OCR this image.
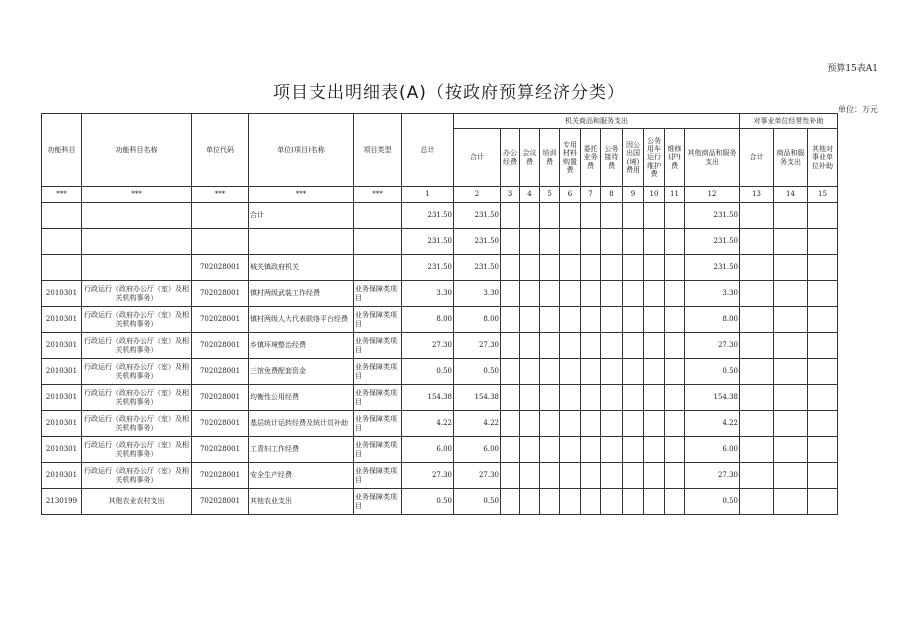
预算15表A1
项目支出明细表(A)（按政府预算经济分类）
单位：万元
功能科目	功能科目名称	单位代码	单位(项目)名称	项目类型	总计	机关商品和服务支出											对事业单位经常性补助		
						合计	办公经费	会议费	培训费	专用材料购置费	委托业务费	公务接待费	因公出国(境)费用	公务用车运行维护费	维修(护)费	其他商品和服务支出	合计	商品和服务支出	其他对事业单位补助
***	***	***	***	***	1	2	3	4	5	6	7	8	9	10	11	12	13	14	15
			合计		231.50	231.50										231.50			
					231.50	231.50										231.50			
		702028001	城关镇政府机关		231.50	231.50										231.50			
2010301	行政运行（政府办公厅（室）及相关机构事务）	702028001	镇村两级武装工作经费	业务保障类项目	3.30	3.30										3.30			
2010301	行政运行（政府办公厅（室）及相关机构事务）	702028001	镇村两级人大代表联络平台经费	业务保障类项目	8.00	8.00										8.00			
2010301	行政运行（政府办公厅（室）及相关机构事务）	702028001	乡镇环境整治经费	业务保障类项目	27.30	27.30										27.30			
2010301	行政运行（政府办公厅（室）及相关机构事务）	702028001	三馆免费配套资金	业务保障类项目	0.50	0.50										0.50			
2010301	行政运行（政府办公厅（室）及相关机构事务）	702028001	均衡性公用经费	业务保障类项目	154.38	154.38										154.38			
2010301	行政运行（政府办公厅（室）及相关机构事务）	702028001	基层统计运转经费及统计员补助	业务保障类项目	4.22	4.22										4.22			
2010301	行政运行（政府办公厅（室）及相关机构事务）	702028001	工青妇工作经费	业务保障类项目	6.00	6.00										6.00			
2010301	行政运行（政府办公厅（室）及相关机构事务）	702028001	安全生产经费	业务保障类项目	27.30	27.30										27.30			
2130199	其他农业农村支出	702028001	其他农业支出	业务保障类项目	0.50	0.50										0.50			
